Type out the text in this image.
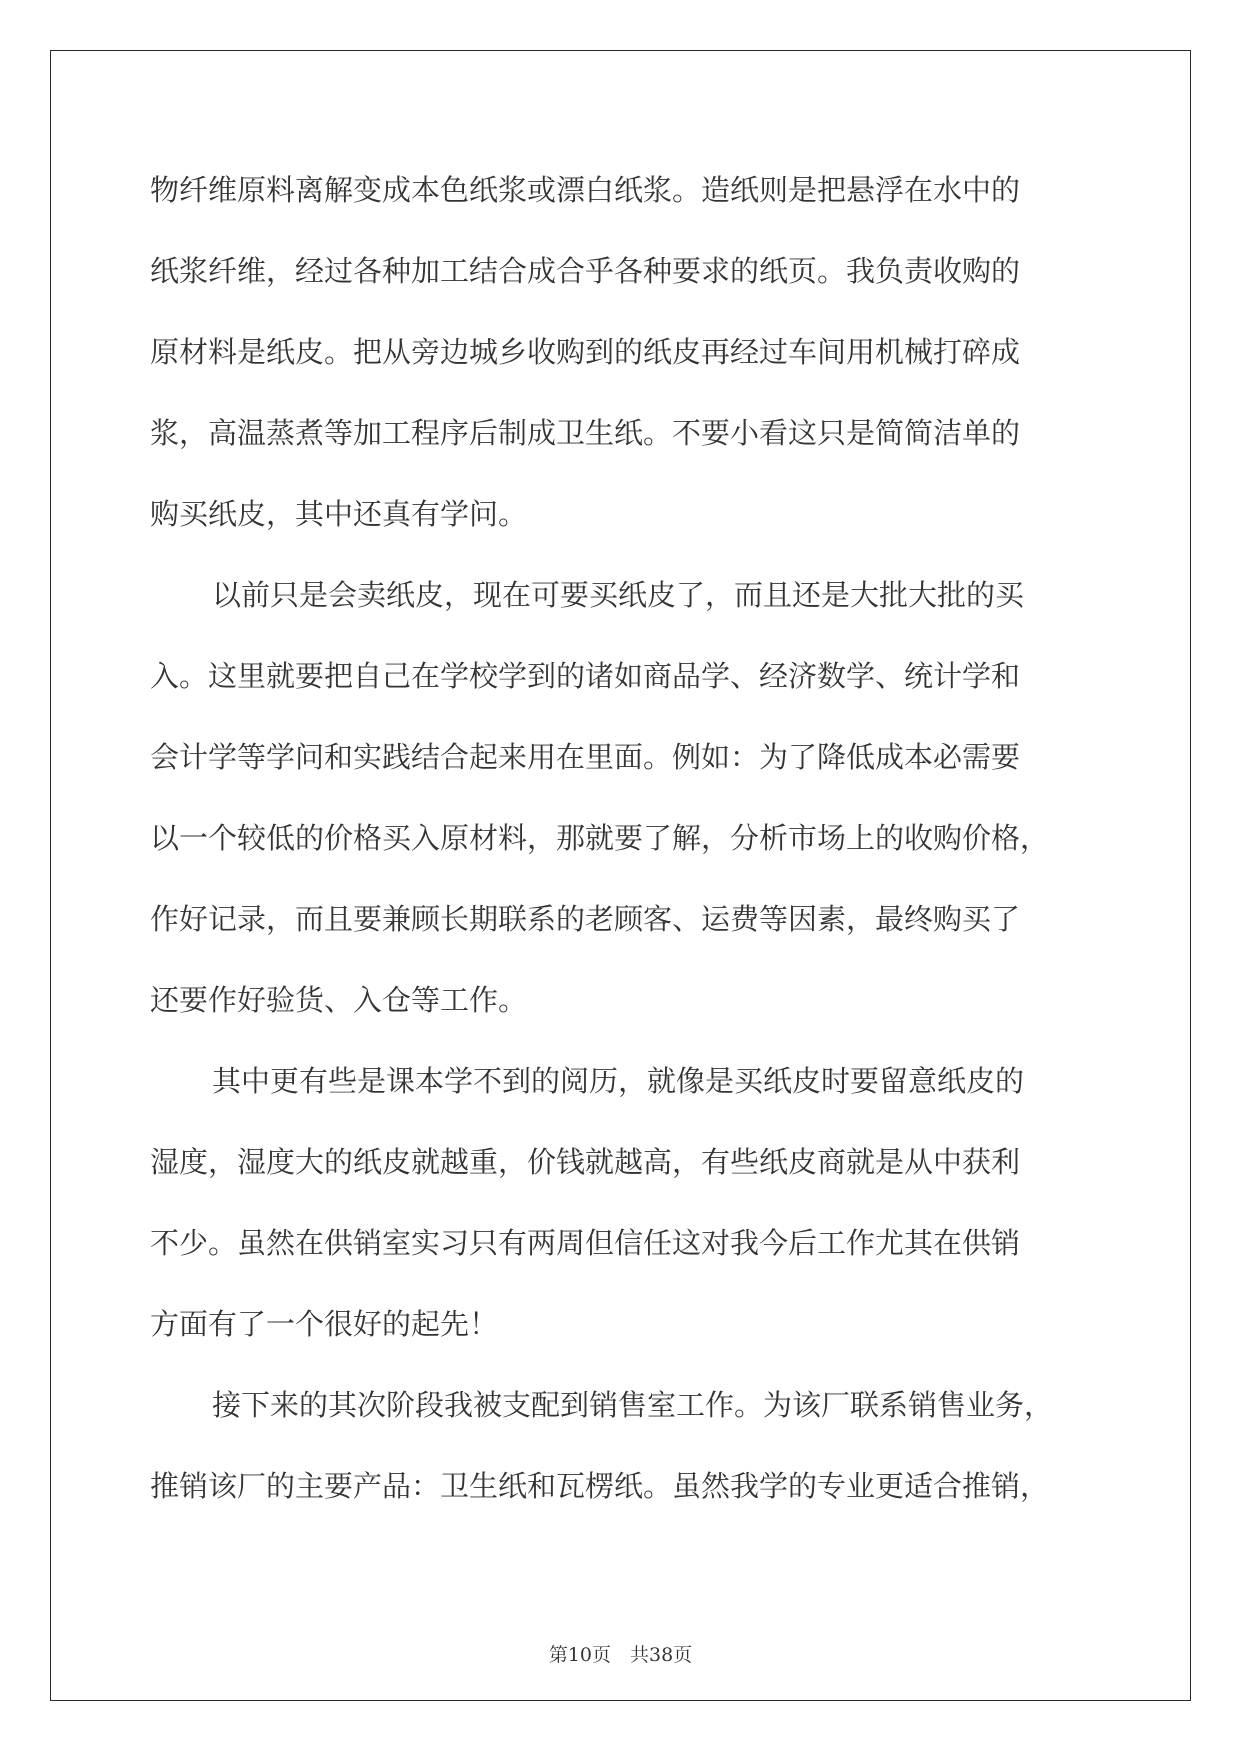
物纤维原料离解变成本色纸浆或漂白纸浆。造纸则是把悬浮在水中的
纸浆纤维，经过各种加工结合成合乎各种要求的纸页。我负责收购的
原材料是纸皮。把从旁边城乡收购到的纸皮再经过车间用机械打碎成
浆，高温蒸煮等加工程序后制成卫生纸。不要小看这只是简简洁单的
购买纸皮，其中还真有学问。
以前只是会卖纸皮，现在可要买纸皮了，而且还是大批大批的买
入。这里就要把自己在学校学到的诸如商品学、经济数学、统计学和
会计学等学问和实践结合起来用在里面。例如：为了降低成本必需要
以一个较低的价格买入原材料，那就要了解，分析市场上的收购价格，
作好记录，而且要兼顾长期联系的老顾客、运费等因素，最终购买了
还要作好验货、入仓等工作。
其中更有些是课本学不到的阅历，就像是买纸皮时要留意纸皮的
湿度，湿度大的纸皮就越重，价钱就越高，有些纸皮商就是从中获利
不少。虽然在供销室实习只有两周但信任这对我今后工作尤其在供销
方面有了一个很好的起先！
接下来的其次阶段我被支配到销售室工作。为该厂联系销售业务，
推销该厂的主要产品：卫生纸和瓦楞纸。虽然我学的专业更适合推销，
第10页　共38页
